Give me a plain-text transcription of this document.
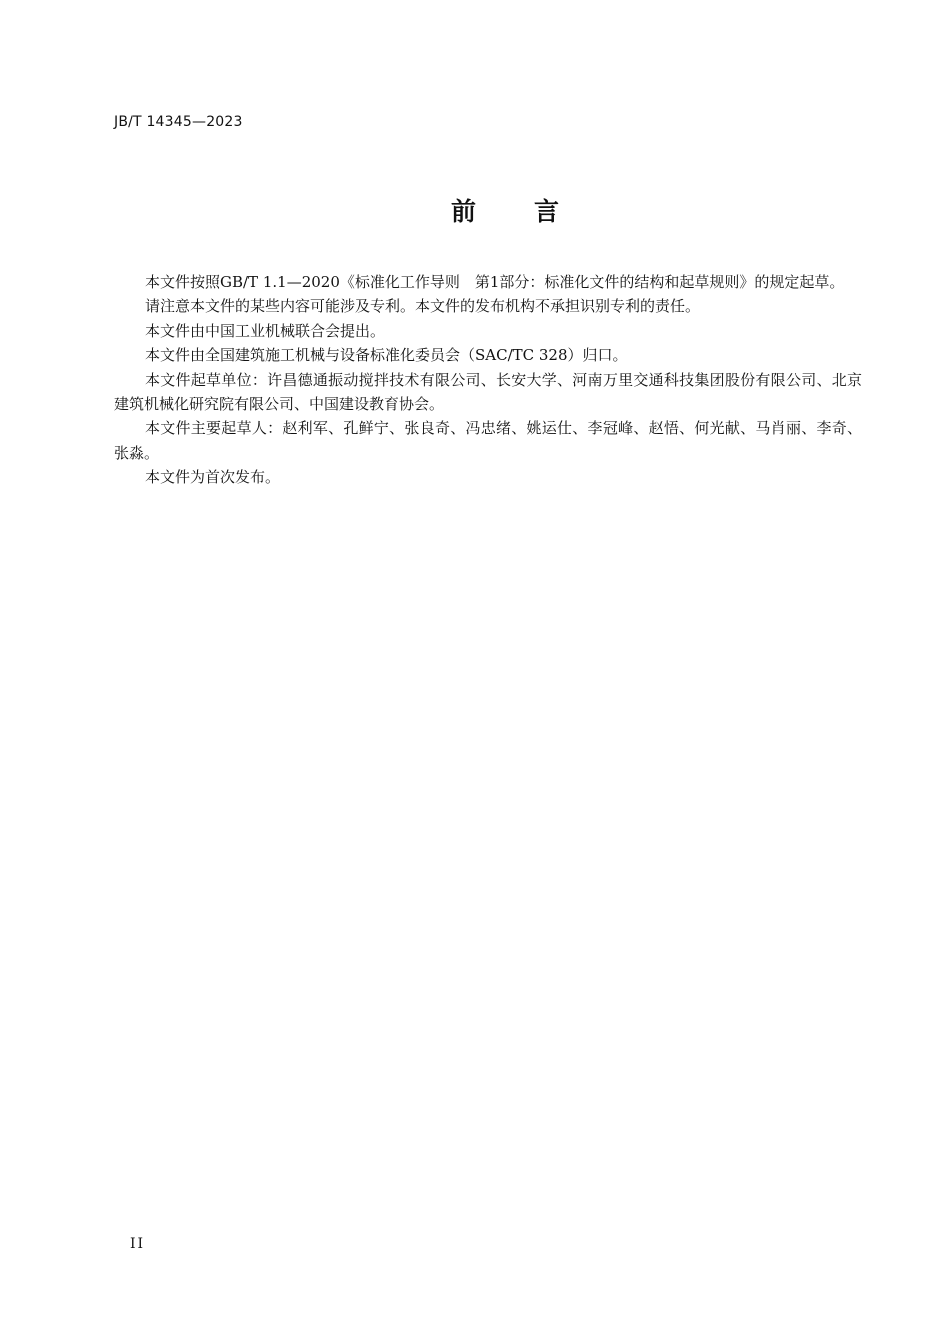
JB/T 14345—2023
前 言

本文件按照GB/T 1.1—2020《标准化工作导则　第1部分：标准化文件的结构和起草规则》的规定起草。

请注意本文件的某些内容可能涉及专利。本文件的发布机构不承担识别专利的责任。

本文件由中国工业机械联合会提出。

本文件由全国建筑施工机械与设备标准化委员会（SAC/TC 328）归口。

本文件起草单位：许昌德通振动搅拌技术有限公司、长安大学、河南万里交通科技集团股份有限公司、北京建筑机械化研究院有限公司、中国建设教育协会。

本文件主要起草人：赵利军、孔鲜宁、张良奇、冯忠绪、姚运仕、李冠峰、赵悟、何光献、马肖丽、李奇、张淼。

本文件为首次发布。

II
